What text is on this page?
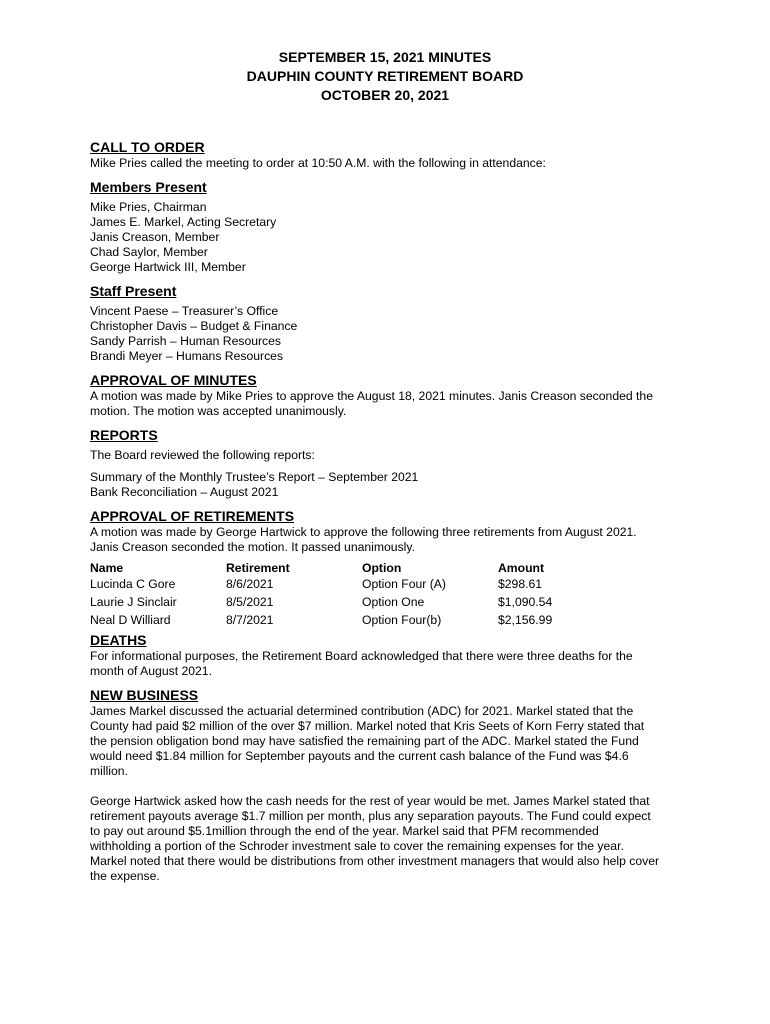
SEPTEMBER 15, 2021 MINUTES
DAUPHIN COUNTY RETIREMENT BOARD
OCTOBER 20, 2021
CALL TO ORDER

Mike Pries called the meeting to order at 10:50 A.M. with the following in attendance:

Members Present

Mike Pries, Chairman

James E. Markel, Acting Secretary

Janis Creason, Member

Chad Saylor, Member

George Hartwick III, Member

Staff Present

Vincent Paese – Treasurer’s Office

Christopher Davis – Budget & Finance

Sandy Parrish – Human Resources

Brandi Meyer – Humans Resources

APPROVAL OF MINUTES

A motion was made by Mike Pries to approve the August 18, 2021 minutes. Janis Creason seconded the

motion. The motion was accepted unanimously.

REPORTS

The Board reviewed the following reports:

Summary of the Monthly Trustee’s Report – September 2021

Bank Reconciliation – August 2021

APPROVAL OF RETIREMENTS

A motion was made by George Hartwick to approve the following three retirements from August 2021.

Janis Creason seconded the motion. It passed unanimously.

Name	Retirement	Option	Amount
Lucinda C Gore	8/6/2021	Option Four (A)	$298.61
Laurie J Sinclair	8/5/2021	Option One	$1,090.54
Neal D Williard	8/7/2021	Option Four(b)	$2,156.99
DEATHS

For informational purposes, the Retirement Board acknowledged that there were three deaths for the

month of August 2021.

NEW BUSINESS

James Markel discussed the actuarial determined contribution (ADC) for 2021. Markel stated that the

County had paid $2 million of the over $7 million. Markel noted that Kris Seets of Korn Ferry stated that

the pension obligation bond may have satisfied the remaining part of the ADC. Markel stated the Fund

would need $1.84 million for September payouts and the current cash balance of the Fund was $4.6

million.

George Hartwick asked how the cash needs for the rest of year would be met. James Markel stated that

retirement payouts average $1.7 million per month, plus any separation payouts. The Fund could expect

to pay out around $5.1million through the end of the year. Markel said that PFM recommended

withholding a portion of the Schroder investment sale to cover the remaining expenses for the year.

Markel noted that there would be distributions from other investment managers that would also help cover

the expense.
